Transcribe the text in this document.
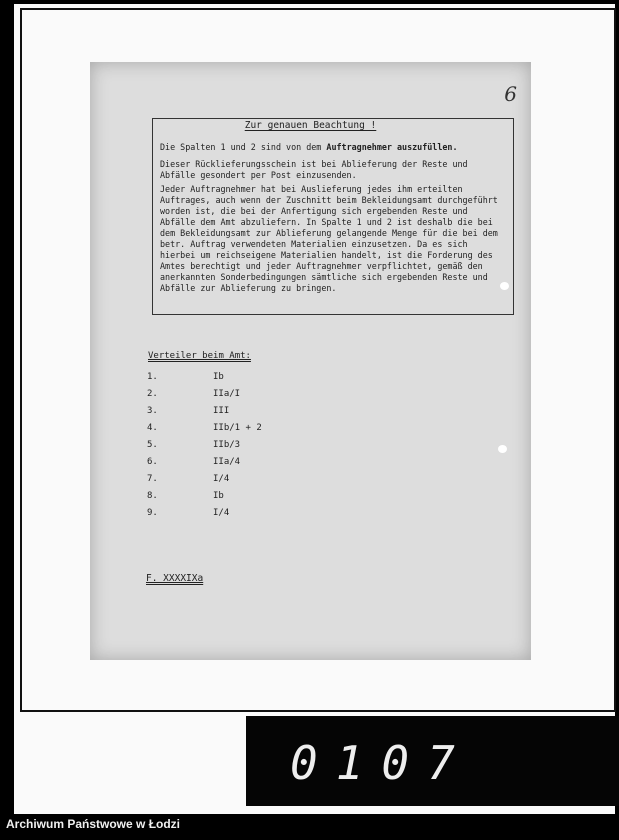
6
Zur genauen Beachtung !

Die Spalten 1 und 2 sind von dem Auftragnehmer auszufüllen.

Dieser Rücklieferungsschein ist bei Ablieferung der Reste und Abfälle gesondert per Post einzusenden.

Jeder Auftragnehmer hat bei Auslieferung jedes ihm erteilten Auftrages, auch wenn der Zuschnitt beim Bekleidungsamt durchgeführt worden ist, die bei der Anfertigung sich ergebenden Reste und Abfälle dem Amt abzuliefern. In Spalte 1 und 2 ist deshalb die bei dem Bekleidungsamt zur Ablieferung gelangende Menge für die bei dem betr. Auftrag verwendeten Materialien einzusetzen. Da es sich hierbei um reichseigene Materialien handelt, ist die Forderung des Amtes berechtigt und jeder Auftragnehmer verpflichtet, gemäß den anerkannten Sonderbedingungen sämtliche sich ergebenden Reste und Abfälle zur Ablieferung zu bringen.

Verteiler beim Amt:
1.	Ib
2.	IIa/I
3.	III
4.	IIb/1 + 2
5.	IIb/3
6.	IIa/4
7.	I/4
8.	Ib
9.	I/4
F. XXXXIXa
0107
Archiwum Państwowe w Łodzi
